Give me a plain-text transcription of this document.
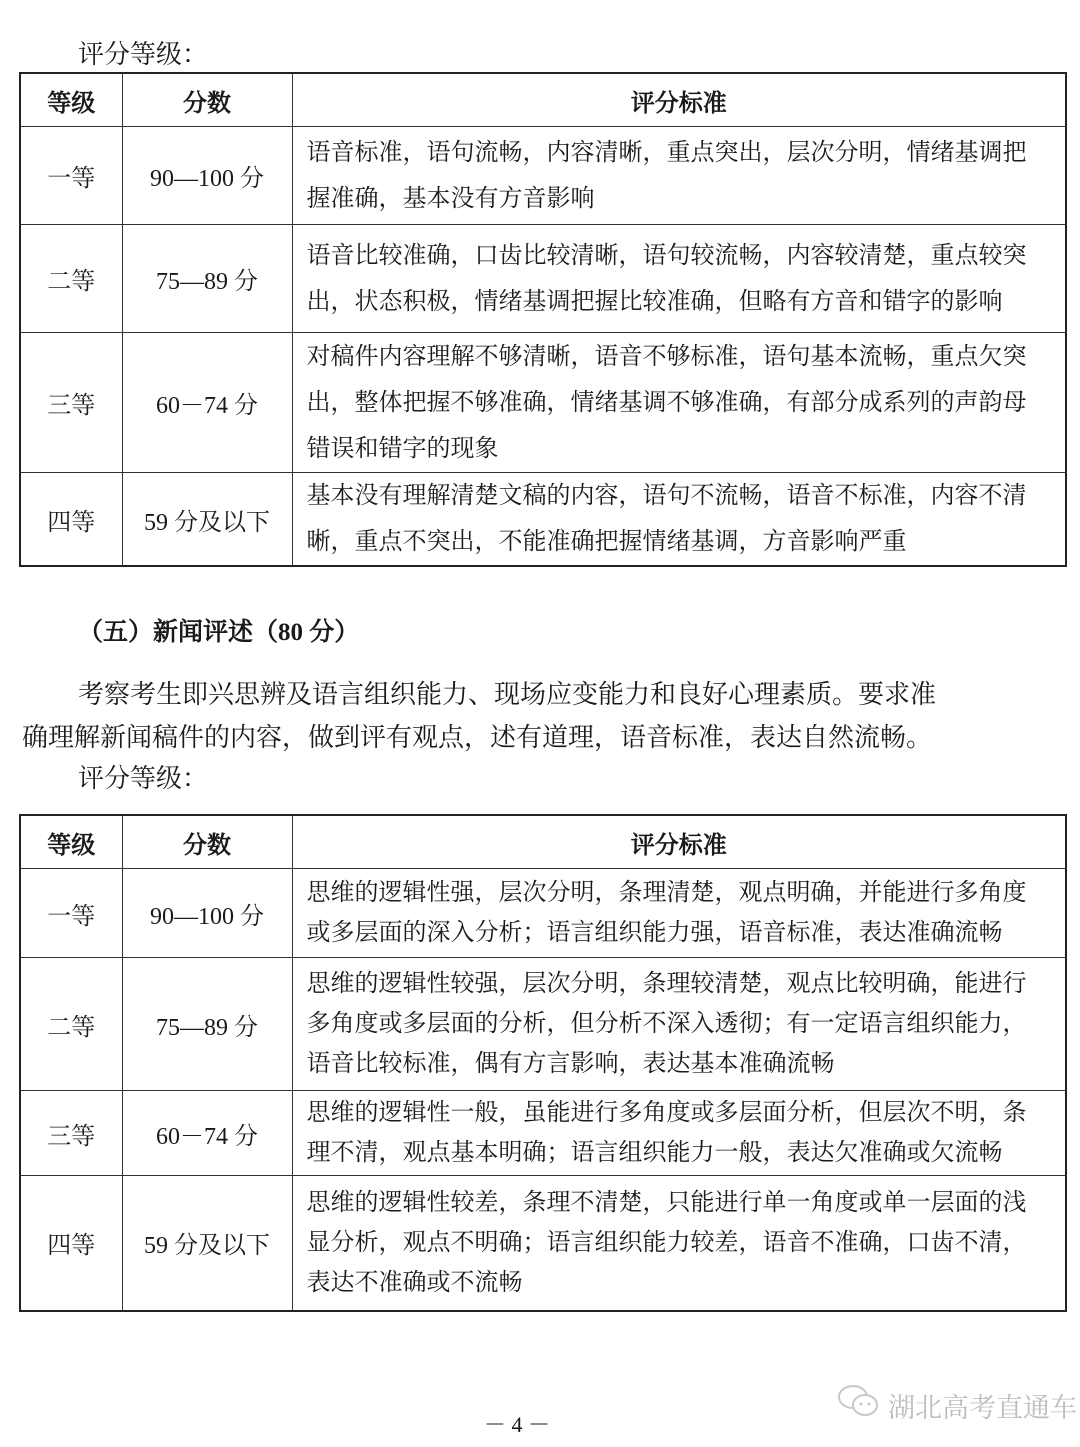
评分等级：
等级	分数	评分标准
一等	90—100 分	语音标准，语句流畅，内容清晰，重点突出，层次分明，情绪基调把
握准确，基本没有方音影响

二等	75—89 分	语音比较准确，口齿比较清晰，语句较流畅，内容较清楚，重点较突
出，状态积极，情绪基调把握比较准确，但略有方音和错字的影响

三等	60－74 分	对稿件内容理解不够清晰，语音不够标准，语句基本流畅，重点欠突
出，整体把握不够准确，情绪基调不够准确，有部分成系列的声韵母
错误和错字的现象

四等	59 分及以下	基本没有理解清楚文稿的内容，语句不流畅，语音不标准，内容不清
晰，重点不突出，不能准确把握情绪基调，方音影响严重
（五）新闻评述（80 分）
考察考生即兴思辨及语言组织能力、现场应变能力和良好心理素质。要求准
确理解新闻稿件的内容，做到评有观点，述有道理，语音标准，表达自然流畅。
评分等级：
等级	分数	评分标准
一等	90—100 分	思维的逻辑性强，层次分明，条理清楚，观点明确，并能进行多角度
或多层面的深入分析；语言组织能力强，语音标准，表达准确流畅

二等	75—89 分	思维的逻辑性较强，层次分明，条理较清楚，观点比较明确，能进行
多角度或多层面的分析，但分析不深入透彻；有一定语言组织能力，
语音比较标准，偶有方言影响，表达基本准确流畅

三等	60－74 分	思维的逻辑性一般，虽能进行多角度或多层面分析，但层次不明，条
理不清，观点基本明确；语言组织能力一般，表达欠准确或欠流畅

四等	59 分及以下	思维的逻辑性较差，条理不清楚，只能进行单一角度或单一层面的浅
显分析，观点不明确；语言组织能力较差，语音不准确，口齿不清，
表达不准确或不流畅
湖北高考直通车
－ 4 －
